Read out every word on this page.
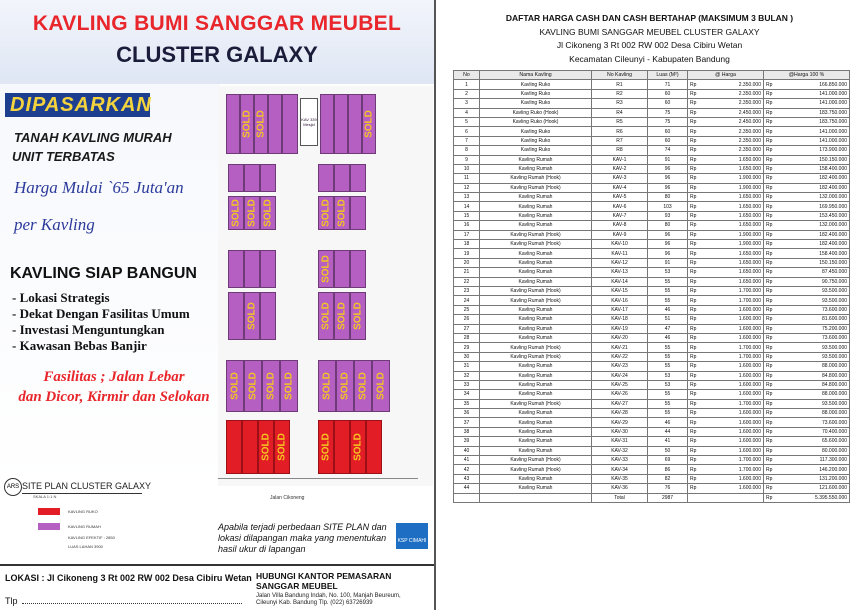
KAVLING BUMI SANGGAR MEUBEL
CLUSTER GALAXY
DIPASARKAN
TANAH KAVLING MURAH
UNIT TERBATAS
Harga Mulai `65 Juta'an
per Kavling
KAVLING SIAP BANGUN
- Lokasi Strategis
- Dekat Dengan Fasilitas Umum
- Investasi Menguntungkan
- Kawasan Bebas Banjir
Fasilitas ; Jalan Lebar
dan Dicor, Kirmir dan Selokan
SOLD SOLD	KAV 339 Mesjid	SOLD
SOLD SOLD SOLD	SOLD SOLD
SOLD
SOLD
SOLD SOLD SOLD
SOLD SOLD SOLD SOLD	SOLD SOLD SOLD SOLD
SOLD SOLD	SOLD SOLD
ARS SITE PLAN CLUSTER GALAXY
SKALA 1:1 N	Jalan Cikoneng
KAVLING RUKO
KAVLING RUMAH
KAVLING EFEKTIF : 2850
LUAS LAHAN 3900
Apabila terjadi perbedaan SITE PLAN dan lokasi dilapangan maka yang menentukan hasil ukur di lapangan
KSP CIMAHI
LOKASI : Jl Cikoneng 3 Rt 002 RW 002 Desa Cibiru Wetan
Tlp
HUBUNGI KANTOR PEMASARAN
SANGGAR MEUBEL
Jalan Villa Bandung Indah, No. 100, Manjah Beureum,
Cileunyi Kab. Bandung Tlp. (022) 63726939
DAFTAR HARGA CASH DAN CASH BERTAHAP (MAKSIMUM 3 BULAN )
KAVLING BUMI SANGGAR MEUBEL CLUSTER GALAXY
Jl Cikoneng 3 Rt 002 RW 002 Desa Cibiru Wetan
Kecamatan Cileunyi - Kabupaten Bandung
No	Nama Kavling	No Kavling	Luas (M²)	@ Harga		@Harga 100 %	
1	Kavling Ruko	R1	71	Rp	2.350.000	Rp	166.850.000
2	Kavling Ruko	R2	60	Rp	2.350.000	Rp	141.000.000
3	Kavling Ruko	R3	60	Rp	2.350.000	Rp	141.000.000
4	Kavling Ruko (Hook)	R4	75	Rp	2.450.000	Rp	183.750.000
5	Kavling Ruko (Hook)	R5	75	Rp	2.450.000	Rp	183.750.000
6	Kavling Ruko	R6	60	Rp	2.350.000	Rp	141.000.000
7	Kavling Ruko	R7	60	Rp	2.350.000	Rp	141.000.000
8	Kavling Ruko	R8	74	Rp	2.350.000	Rp	173.900.000
9	Kavling Rumah	KAV-1	91	Rp	1.650.000	Rp	150.150.000
10	Kavling Rumah	KAV-2	96	Rp	1.650.000	Rp	158.400.000
11	Kavling Rumah (Hook)	KAV-3	96	Rp	1.900.000	Rp	182.400.000
12	Kavling Rumah (Hook)	KAV-4	96	Rp	1.900.000	Rp	182.400.000
13	Kavling Rumah	KAV-5	80	Rp	1.650.000	Rp	132.000.000
14	Kavling Rumah	KAV-6	103	Rp	1.650.000	Rp	169.950.000
15	Kavling Rumah	KAV-7	93	Rp	1.650.000	Rp	153.450.000
16	Kavling Rumah	KAV-8	80	Rp	1.650.000	Rp	132.000.000
17	Kavling Rumah (Hook)	KAV-9	96	Rp	1.900.000	Rp	182.400.000
18	Kavling Rumah (Hook)	KAV-10	96	Rp	1.900.000	Rp	182.400.000
19	Kavling Rumah	KAV-11	96	Rp	1.650.000	Rp	158.400.000
20	Kavling Rumah	KAV-12	91	Rp	1.650.000	Rp	150.150.000
21	Kavling Rumah	KAV-13	53	Rp	1.650.000	Rp	87.450.000
22	Kavling Rumah	KAV-14	55	Rp	1.650.000	Rp	90.750.000
23	Kavling Rumah (Hook)	KAV-15	55	Rp	1.700.000	Rp	93.500.000
24	Kavling Rumah (Hook)	KAV-16	55	Rp	1.700.000	Rp	93.500.000
25	Kavling Rumah	KAV-17	46	Rp	1.600.000	Rp	73.600.000
26	Kavling Rumah	KAV-18	51	Rp	1.600.000	Rp	81.600.000
27	Kavling Rumah	KAV-19	47	Rp	1.600.000	Rp	75.200.000
28	Kavling Rumah	KAV-20	46	Rp	1.600.000	Rp	73.600.000
29	Kavling Rumah (Hook)	KAV-21	55	Rp	1.700.000	Rp	93.500.000
30	Kavling Rumah (Hook)	KAV-22	55	Rp	1.700.000	Rp	93.500.000
31	Kavling Rumah	KAV-23	55	Rp	1.600.000	Rp	88.000.000
32	Kavling Rumah	KAV-24	53	Rp	1.600.000	Rp	84.800.000
33	Kavling Rumah	KAV-25	53	Rp	1.600.000	Rp	84.800.000
34	Kavling Rumah	KAV-26	55	Rp	1.600.000	Rp	88.000.000
35	Kavling Rumah (Hook)	KAV-27	55	Rp	1.700.000	Rp	93.500.000
36	Kavling Rumah	KAV-28	55	Rp	1.600.000	Rp	88.000.000
37	Kavling Rumah	KAV-29	46	Rp	1.600.000	Rp	73.600.000
38	Kavling Rumah	KAV-30	44	Rp	1.600.000	Rp	70.400.000
39	Kavling Rumah	KAV-31	41	Rp	1.600.000	Rp	65.600.000
40	Kavling Rumah	KAV-32	50	Rp	1.600.000	Rp	80.000.000
41	Kavling Rumah (Hook)	KAV-33	69	Rp	1.700.000	Rp	117.300.000
42	Kavling Rumah (Hook)	KAV-34	86	Rp	1.700.000	Rp	146.200.000
43	Kavling Rumah	KAV-35	82	Rp	1.600.000	Rp	131.200.000
44	Kavling Rumah	KAV-36	76	Rp	1.600.000	Rp	121.600.000
		Total	2987			Rp	5.395.550.000
